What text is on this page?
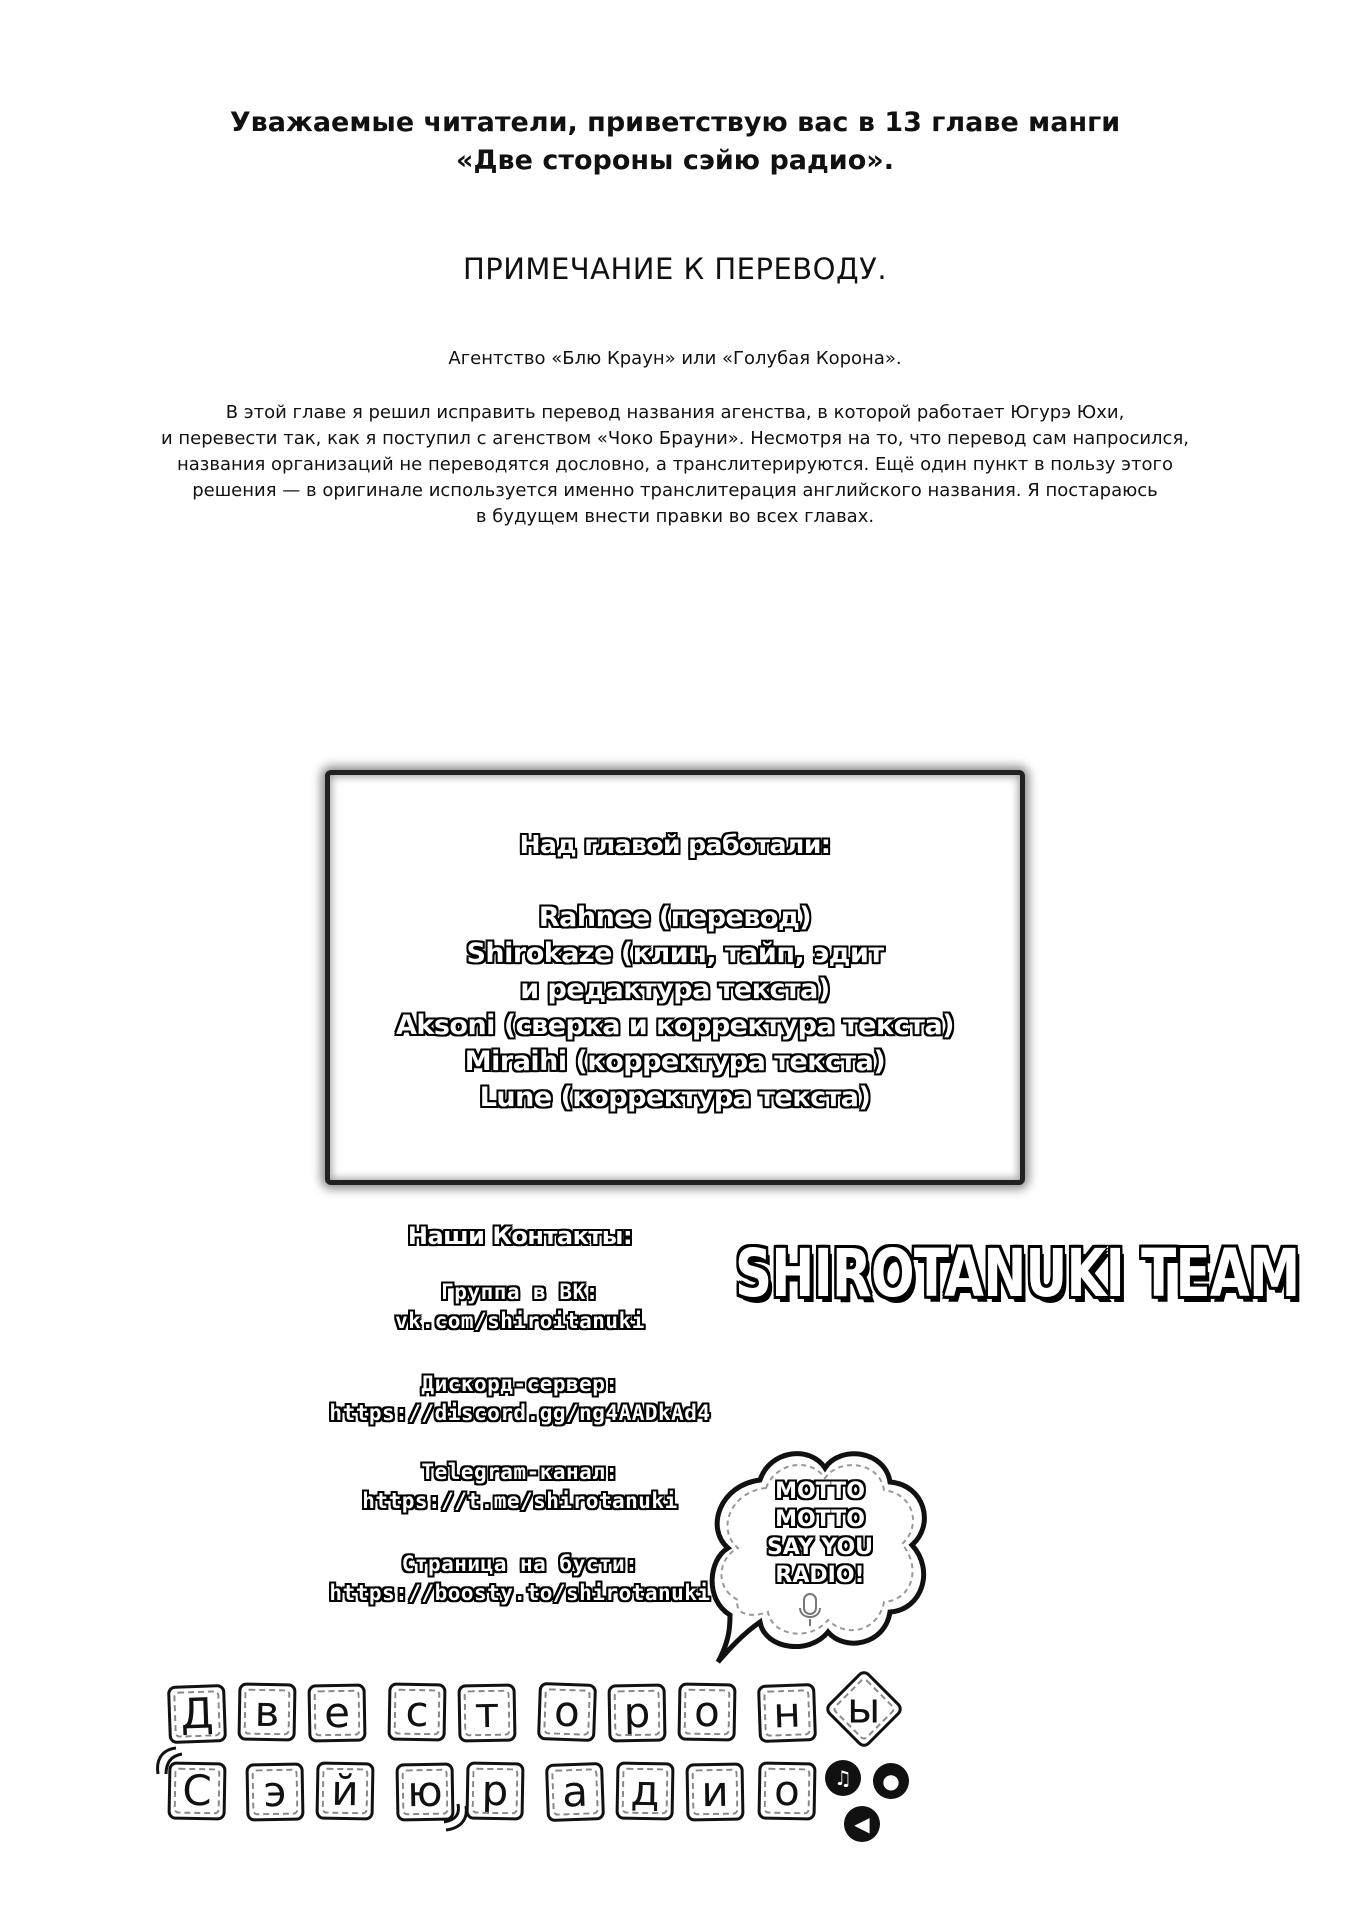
Уважаемые читатели, приветствую вас в 13 главе манги
«Две стороны сэйю радио».
ПРИМЕЧАНИЕ К ПЕРЕВОДУ.
Агентство «Блю Краун» или «Голубая Корона».
В этой главе я решил исправить перевод названия агенства, в которой работает Югурэ Юхи,
и перевести так, как я поступил с агенством «Чоко Брауни». Несмотря на то, что перевод сам напросился,
названия организаций не переводятся дословно, а транслитерируются. Ещё один пункт в пользу этого
решения — в оригинале используется именно транслитерация английского названия. Я постараюсь
в будущем внести правки во всех главах.
Над главой работали:
Rahnee (перевод)
Shirokaze (клин, тайп, эдит
и редактура текста)
Aksoni (сверка и корректура текста)
Miraihi (корректура текста)
Lune (корректура текста)
Наши Контакты:
Группа в ВК:
vk.com/shiroitanuki
Дискорд-сервер:
https://discord.gg/ng4AADkAd4
Telegram-канал:
https://t.me/shirotanuki
Страница на бусти:
https://boosty.to/shirotanuki
SHIROTANUKI TEAM
MOTTO
MOTTO
SAY YOU
RADIO!
Д в	е	с	т	о	р	о	н	ы
С	э	й	ю р	а д и	о	♫	●
◀
